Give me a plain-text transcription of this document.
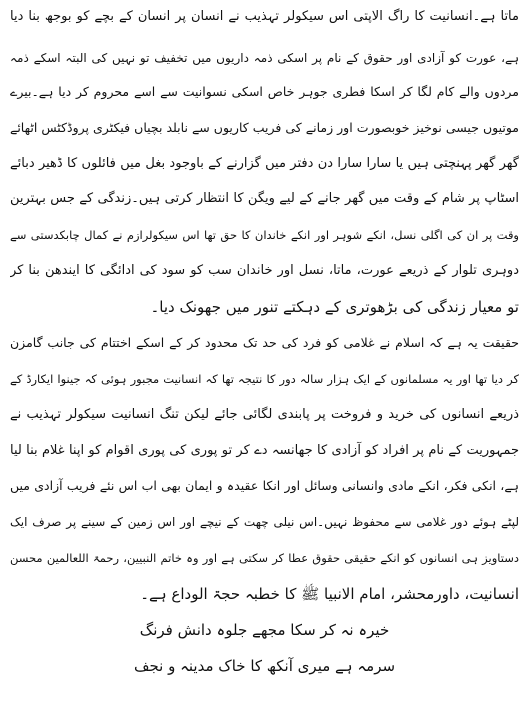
ماتا ہے۔انسانیت کا راگ الاپتی اس سیکولر تہذیب نے انسان پر انسان کے بچے کو بوجھ بنا دیا
ہے، عورت کو آزادی اور حقوق کے نام پر اسکی ذمہ داریوں میں تخفیف تو نہیں کی البتہ اسکے ذمہ
مردوں والے کام لگا کر اسکا فطری جوہر خاص اسکی نسوانیت سے اسے محروم کر دیا ہے۔بیرے
موتیوں جیسی نوخیز خوبصورت اور زمانے کی فریب کاریوں سے نابلد بچیاں فیکٹری پروڈکٹس اٹھائے
گھر گھر پہنچتی ہیں یا سارا سارا دن دفتر میں گزارنے کے باوجود بغل میں فائلوں کا ڈھیر دبائے
اسٹاپ پر شام کے وقت میں گھر جانے کے لیے ویگن کا انتظار کرتی ہیں۔زندگی کے جس بہترین
وقت پر ان کی اگلی نسل، انکے شوہر اور انکے خاندان کا حق تھا اس سیکولرازم نے کمال چابکدستی سے
دوہری تلوار کے ذریعے عورت، ماتا، نسل اور خاندان سب کو سود کی ادائگی کا ایندھن بنا کر
تو معیار زندگی کی بڑھوتری کے دہکتے تنور میں جھونک دیا۔
حقیقت یہ ہے کہ اسلام نے غلامی کو فرد کی حد تک محدود کر کے اسکے اختتام کی جانب گامزن
کر دیا تھا اور یہ مسلمانوں کے ایک ہزار سالہ دور کا نتیجہ تھا کہ انسانیت مجبور ہوئی کہ جینوا ایکارڈ کے
ذریعے انسانوں کی خرید و فروخت پر پابندی لگائی جائے لیکن تنگ انسانیت سیکولر تہذیب نے
جمہوریت کے نام پر افراد کو آزادی کا جھانسہ دے کر تو پوری کی پوری اقوام کو اپنا غلام بنا لیا
ہے، انکی فکر، انکے مادی وانسانی وسائل اور انکا عقیدہ و ایمان بھی اب اس نئے فریب آزادی میں
لپٹے ہوئے دور غلامی سے محفوظ نہیں۔اس نیلی چھت کے نیچے اور اس زمین کے سینے پر صرف ایک
دستاویز ہی انسانوں کو انکے حقیقی حقوق عطا کر سکتی ہے اور وہ خاتم النبیین، رحمۃ اللعالمین محسن
انسانیت، داورمحشر، امام الانبیا ﷺ کا خطبہ حجۃ الوداع ہے۔
خیرہ نہ کر سکا مجھے جلوہ دانش فرنگ
سرمہ ہے میری آنکھ کا خاک مدینہ و نجف
